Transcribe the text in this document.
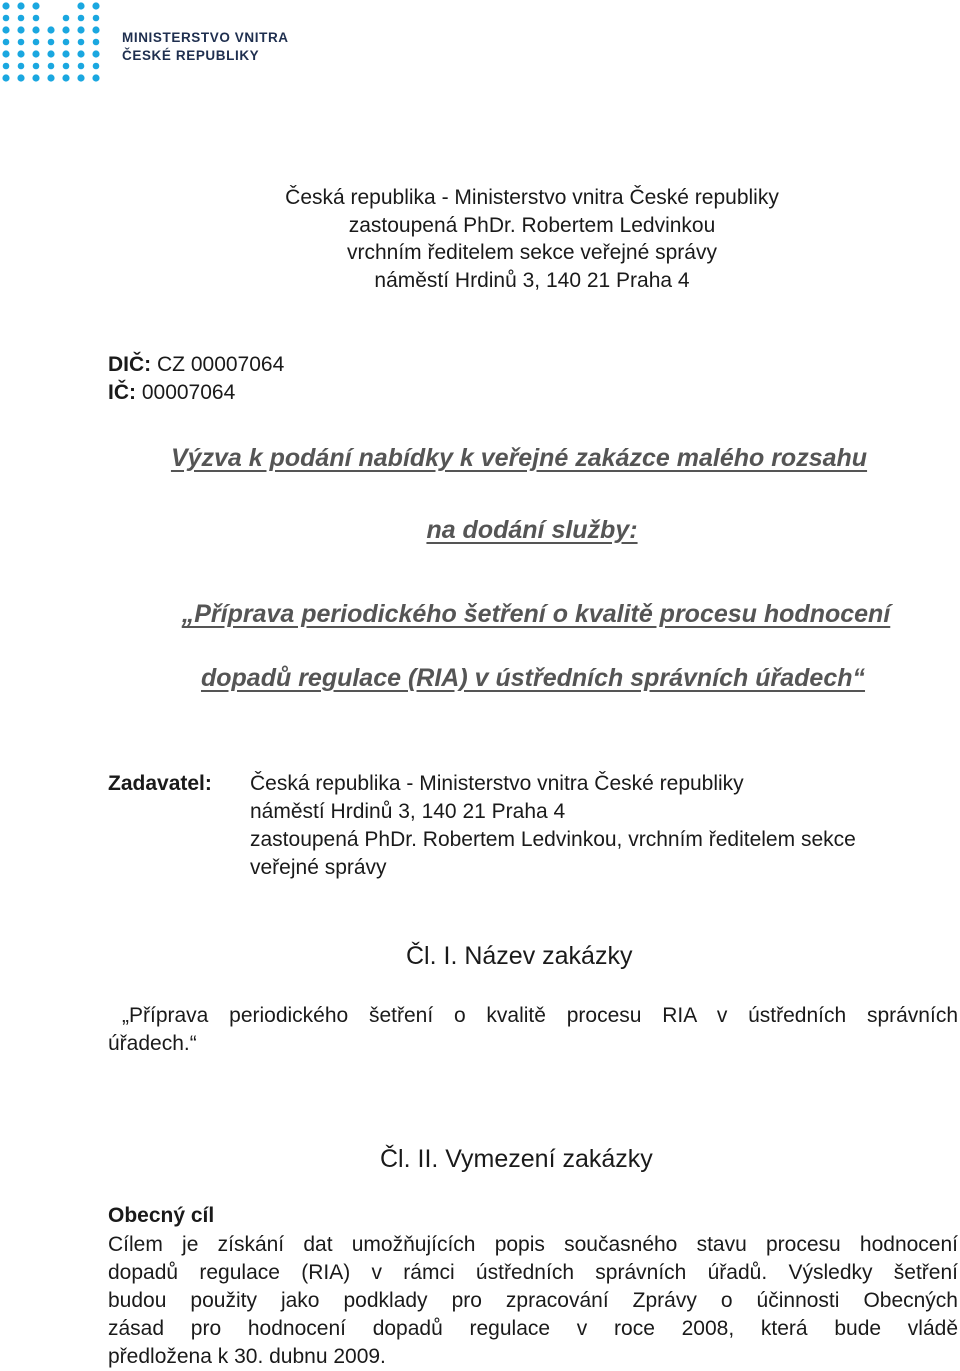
MINISTERSTVO VNITRA
ČESKÉ REPUBLIKY
Česká republika - Ministerstvo vnitra České republiky
zastoupená PhDr. Robertem Ledvinkou
vrchním ředitelem sekce veřejné správy
náměstí Hrdinů 3, 140 21 Praha 4
DIČ: CZ 00007064
IČ: 00007064
Výzva k podání nabídky k veřejné zakázce malého rozsahu
na dodání služby:
„Příprava periodického šetření o kvalitě procesu hodnocení
dopadů regulace (RIA) v ústředních správních úřadech“
Zadavatel: Česká republika - Ministerstvo vnitra České republiky
náměstí Hrdinů 3, 140 21 Praha 4
zastoupená PhDr. Robertem Ledvinkou, vrchním ředitelem sekce
veřejné správy
Čl. I. Název zakázky
„Příprava periodického šetření o kvalitě procesu RIA v ústředních správních
úřadech.“
Čl. II. Vymezení zakázky
Obecný cíl
Cílem je získání dat umožňujících popis současného stavu procesu hodnocení
dopadů regulace (RIA) v rámci ústředních správních úřadů. Výsledky šetření
budou použity jako podklady pro zpracování Zprávy o účinnosti Obecných
zásad pro hodnocení dopadů regulace v roce 2008, která bude vládě
předložena k 30. dubnu 2009.
